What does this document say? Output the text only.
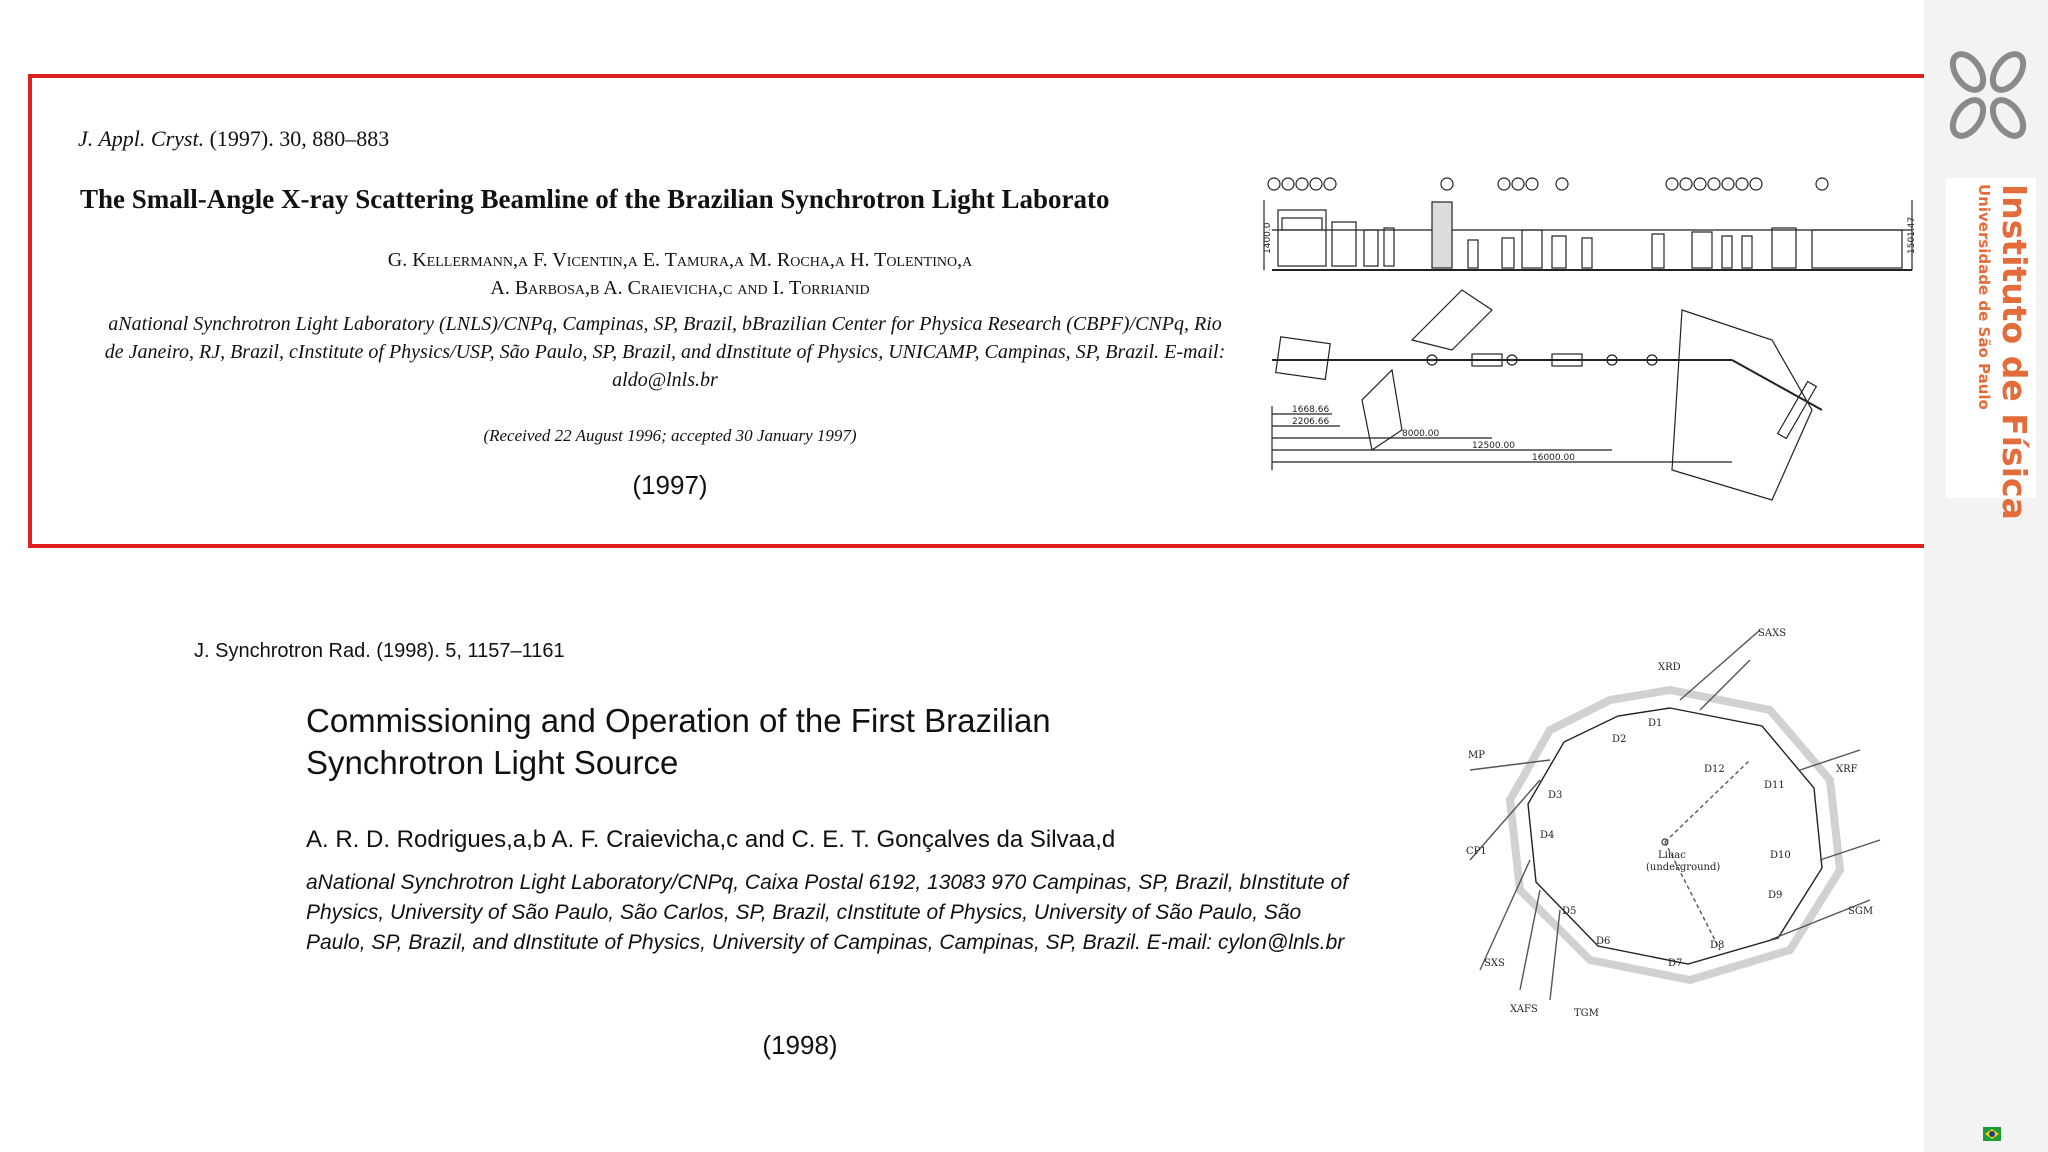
J. Appl. Cryst. (1997). 30, 880–883
The Small-Angle X-ray Scattering Beamline of the Brazilian Synchrotron Light Laborato
G. Kellermann,a F. Vicentin,a E. Tamura,a M. Rocha,a H. Tolentino,a
A. Barbosa,b A. Craievicha,c and I. Torrianid
aNational Synchrotron Light Laboratory (LNLS)/CNPq, Campinas, SP, Brazil, bBrazilian Center for Physica Research (CBPF)/CNPq, Rio de Janeiro, RJ, Brazil, cInstitute of Physics/USP, São Paulo, SP, Brazil, and dInstitute of Physics, UNICAMP, Campinas, SP, Brazil. E-mail: aldo@lnls.br
(Received 22 August 1996; accepted 30 January 1997)
(1997)
1400.0	1501.47
1668.66
2206.66
8000.00
12500.00
16000.00
J. Synchrotron Rad. (1998). 5, 1157–1161
Commissioning and Operation of the First Brazilian
Synchrotron Light Source
A. R. D. Rodrigues,a,b A. F. Craievicha,c and C. E. T. Gonçalves da Silvaa,d
aNational Synchrotron Light Laboratory/CNPq, Caixa Postal 6192, 13083 970 Campinas, SP, Brazil, bInstitute of Physics, University of São Paulo, São Carlos, SP, Brazil, cInstitute of Physics, University of São Paulo, São Paulo, SP, Brazil, and dInstitute of Physics, University of Campinas, Campinas, SP, Brazil. E-mail: cylon@lnls.br
(1998)
SAXS
XRD
XRF
SGM
TGM
XAFS
SXS
CP1
MP
D1
D2
D3
D4
D5
D6
D7
D8
D9
D10
D11
D12
Linac
(underground)
Instituto de Física
Universidade de São Paulo
